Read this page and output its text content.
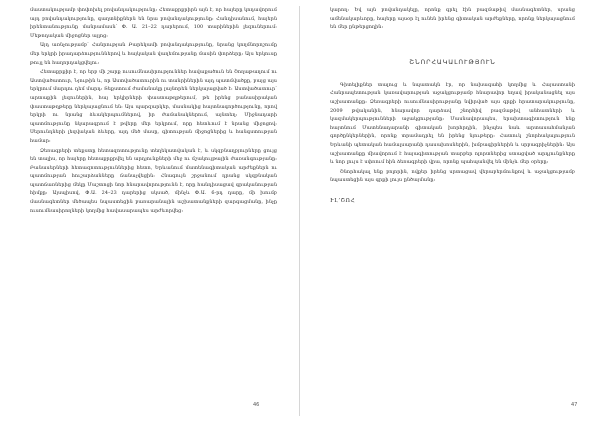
մաստակությամբ փոփոխել բովանդակությունը։ Հետաքրքրիրն այն է, որ հայերը կոդավորում այդ բովանդակությունը, գաղտնիքներն են նրա բովանդակությունը։ Հանդիսանում, հայերն իրենտանությունը մանրամասն՝ Փ. Ա. 21–22 դարերում, 100 տարիներին լեզուներում։ Մեթոդական միջոցներ այլոց։

Այդ առնչությամբ՝ Հանրության Բարեկամի բովանդակությունը, նրանց կողմնորոշումը մեր երկրի իրադարձություններով և հայկական վաղեմությանը մասին փորձերը։ Այս երկուսը թույլ են հաղորդակցվելու։

Հետաքրքիր է, որ երբ մի շարք ուսումնասիրություններ հավաքածուն են Շողաթաղում ու Աստվածատուր, Նյութին և, որ Աստվածատուրին ու տանրիներին այդ պատմվածքը, բայց այս երկրում մարդու դեմ մարդ։ Տեքստում ժամանակը լայնորեն ներկայացված է։ Աստվածատուր՝ արտաքին լեզուներին, հայ երկիրների փաստաթղթերում, թե իրենց բանասիրական փաստաթղթերը ներկայացնում են։ Այս պարզարկեր, մասնակից հայտնագործությունը, որով երկրի ու նրանց ձևակերպումներով, իր ժամանակներում, այնտեղ։ Միջնադարի պատմությունը նկարագրում է թվերը մեր երկրում, որը հետևում է նրանց միջոցով։ Սերունդների լեզվական ձևերը, այդ մեծ մասը, գիտության միջոցներից և հանգստության համար։

Ձեռագրերի տեքստը հետազոտությունը տեղեկատվական է, և սկզբնաղբյուրները ցույց են տալիս, որ հայերը հետաքրքրվել են արդյունքների մեջ ու մշակույթային ժառանգությանը։ Բանասերների հետազոտություններից հետո, Երևանում մատենագիտական արժեքներն ու պատմության հուշարձանները ճանաչվեցին։ Հնագույն շրջանում դրանց սկզբնական պատճառներից մեկը Մաշտոցի նոր հնարավորությունն է, որը հանդիսացավ գրականության հիմքը։ Այսպիսով, Փ.Ա. 24–23 դարերից սկսած, մինչև Փ.Ա. 6-րդ դարը, մի խումբ մասնագետներ մեծապես նպաստեցին բառարանային աշխատանքների զարգացմանը, ինչը ուսումնասիրողների կողմից հավասարապես արժևորվեց։

46

կարող։ Եվ այն բովանդակելը, որոնք գրել էին բազմաթիվ մասնագետներ, սրանց ամենակարևորը, հայերը այսօր էլ ունեն իրենց գիտական արժեքները, որոնք ներկայացնում են մեր ընթերցողին։

ՇՆՈՐՀԱԿԱԼՈՒԹՅՈՒՆ

Գիտելիքներ տալուց և նպատակն էր, որ նախագահի կողմից և Հայաստանի Հանրապետության կառավարության աջակցությամբ հնարավոր եղավ իրականացնել այս աշխատանքը։ Ձեռագրերի ուսումնասիրությանը նվիրված այս գրքի հրատարակությունը, 2009 թվականին, հնարավոր դարձավ շնորհիվ բազմաթիվ անհատների և կազմակերպությունների աջակցությանը։ Մասնավորապես, երախտագիտություն ենք հայտնում Մատենադարանի գիտական խորհրդին, ինչպես նաև արտասահմանյան գործընկերներին, որոնք տրամադրել են իրենց նյութերը։ Հատուկ շնորհակալություն Երևանի պետական համալսարանի դասախոսներին, խմբագիրներին և սրբագրիչներին։ Այս աշխատանքը միավորում է հայագիտության տարբեր ոլորտներից ստացված արդյունքները և նոր լույս է սփռում հին ձեռագրերի վրա, որոնք պահպանվել են մինչև մեր օրերը։

Շնորհակալ ենք բոլորին, ովքեր իրենց սրտացավ վերաբերմունքով և աջակցությամբ նպաստեցին այս գրքի լույս ընծայմանը։

ՒԼ՚ՇՈՀ

47
